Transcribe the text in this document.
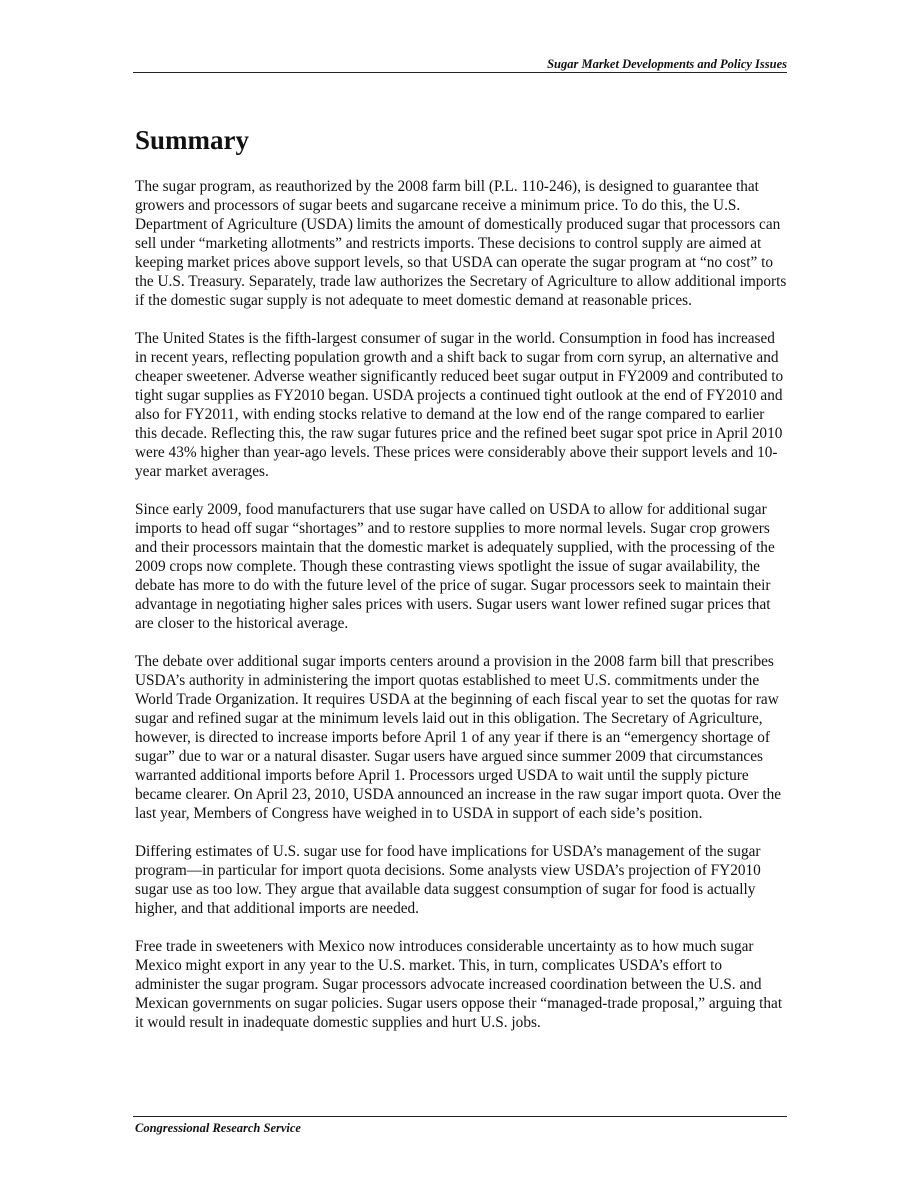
Sugar Market Developments and Policy Issues
Summary

The sugar program, as reauthorized by the 2008 farm bill (P.L. 110-246), is designed to guarantee that growers and processors of sugar beets and sugarcane receive a minimum price. To do this, the U.S. Department of Agriculture (USDA) limits the amount of domestically produced sugar that processors can sell under “marketing allotments” and restricts imports. These decisions to control supply are aimed at keeping market prices above support levels, so that USDA can operate the sugar program at “no cost” to the U.S. Treasury. Separately, trade law authorizes the Secretary of Agriculture to allow additional imports if the domestic sugar supply is not adequate to meet domestic demand at reasonable prices.

The United States is the fifth-largest consumer of sugar in the world. Consumption in food has increased in recent years, reflecting population growth and a shift back to sugar from corn syrup, an alternative and cheaper sweetener. Adverse weather significantly reduced beet sugar output in FY2009 and contributed to tight sugar supplies as FY2010 began. USDA projects a continued tight outlook at the end of FY2010 and also for FY2011, with ending stocks relative to demand at the low end of the range compared to earlier this decade. Reflecting this, the raw sugar futures price and the refined beet sugar spot price in April 2010 were 43% higher than year-ago levels. These prices were considerably above their support levels and 10-year market averages.

Since early 2009, food manufacturers that use sugar have called on USDA to allow for additional sugar imports to head off sugar “shortages” and to restore supplies to more normal levels. Sugar crop growers and their processors maintain that the domestic market is adequately supplied, with the processing of the 2009 crops now complete. Though these contrasting views spotlight the issue of sugar availability, the debate has more to do with the future level of the price of sugar. Sugar processors seek to maintain their advantage in negotiating higher sales prices with users. Sugar users want lower refined sugar prices that are closer to the historical average.

The debate over additional sugar imports centers around a provision in the 2008 farm bill that prescribes USDA’s authority in administering the import quotas established to meet U.S. commitments under the World Trade Organization. It requires USDA at the beginning of each fiscal year to set the quotas for raw sugar and refined sugar at the minimum levels laid out in this obligation. The Secretary of Agriculture, however, is directed to increase imports before April 1 of any year if there is an “emergency shortage of sugar” due to war or a natural disaster. Sugar users have argued since summer 2009 that circumstances warranted additional imports before April 1. Processors urged USDA to wait until the supply picture became clearer. On April 23, 2010, USDA announced an increase in the raw sugar import quota. Over the last year, Members of Congress have weighed in to USDA in support of each side’s position.

Differing estimates of U.S. sugar use for food have implications for USDA’s management of the sugar program—in particular for import quota decisions. Some analysts view USDA’s projection of FY2010 sugar use as too low. They argue that available data suggest consumption of sugar for food is actually higher, and that additional imports are needed.

Free trade in sweeteners with Mexico now introduces considerable uncertainty as to how much sugar Mexico might export in any year to the U.S. market. This, in turn, complicates USDA’s effort to administer the sugar program. Sugar processors advocate increased coordination between the U.S. and Mexican governments on sugar policies. Sugar users oppose their “managed-trade proposal,” arguing that it would result in inadequate domestic supplies and hurt U.S. jobs.

Congressional Research Service
